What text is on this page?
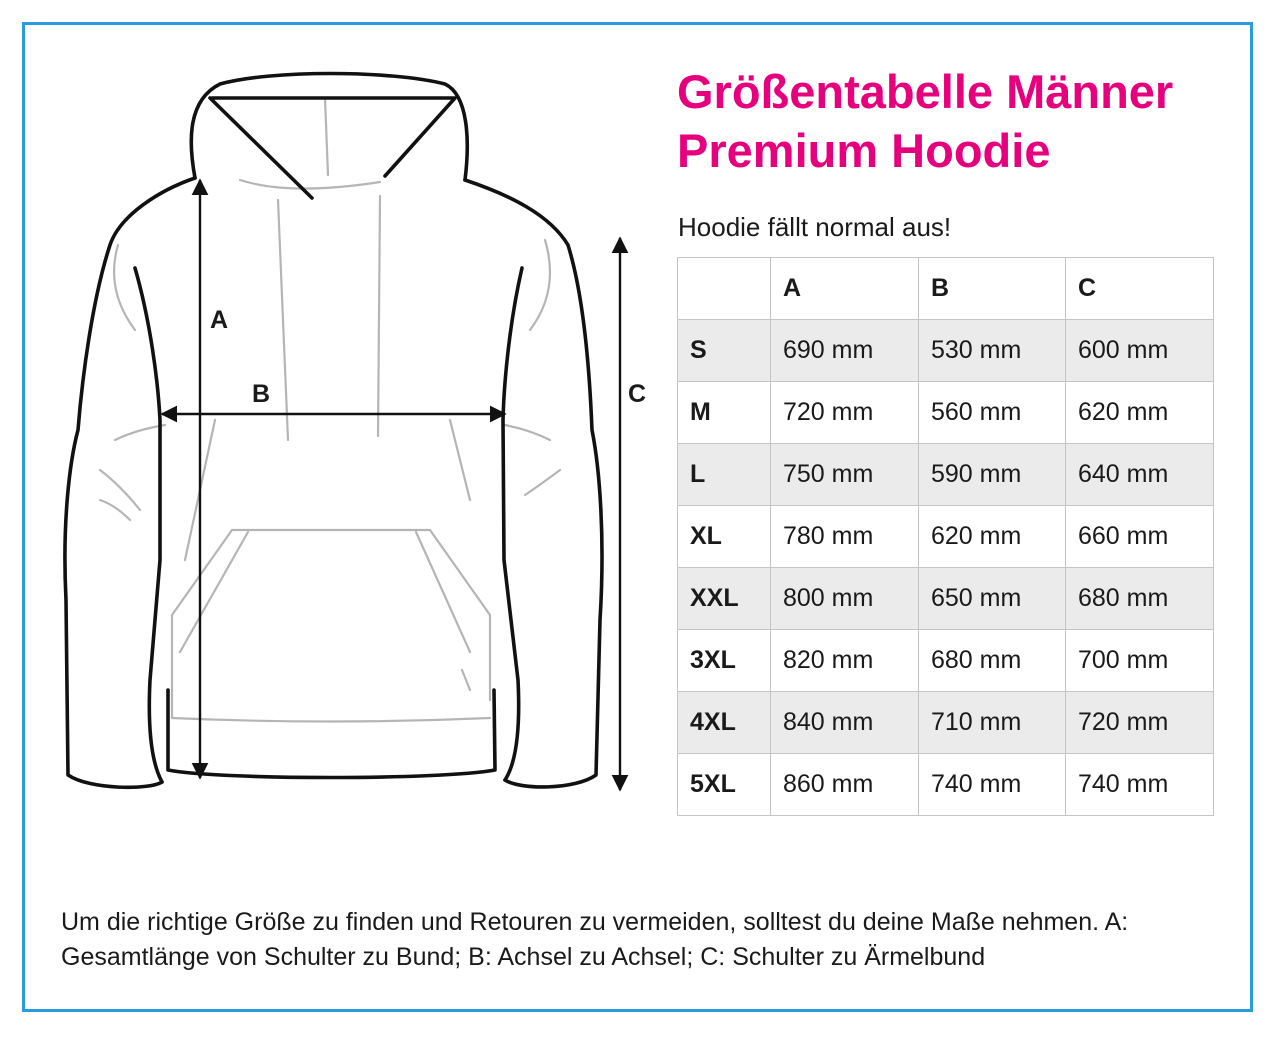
A
B	C
Größentabelle Männer
Premium Hoodie
Hoodie fällt normal aus!
	A	B	C
S	690 mm	530 mm	600 mm
M	720 mm	560 mm	620 mm
L	750 mm	590 mm	640 mm
XL	780 mm	620 mm	660 mm
XXL	800 mm	650 mm	680 mm
3XL	820 mm	680 mm	700 mm
4XL	840 mm	710 mm	720 mm
5XL	860 mm	740 mm	740 mm

Um die richtige Größe zu finden und Retouren zu vermeiden, solltest du deine Maße nehmen. A: Gesamtlänge von Schulter zu Bund; B: Achsel zu Achsel; C: Schulter zu Ärmelbund
